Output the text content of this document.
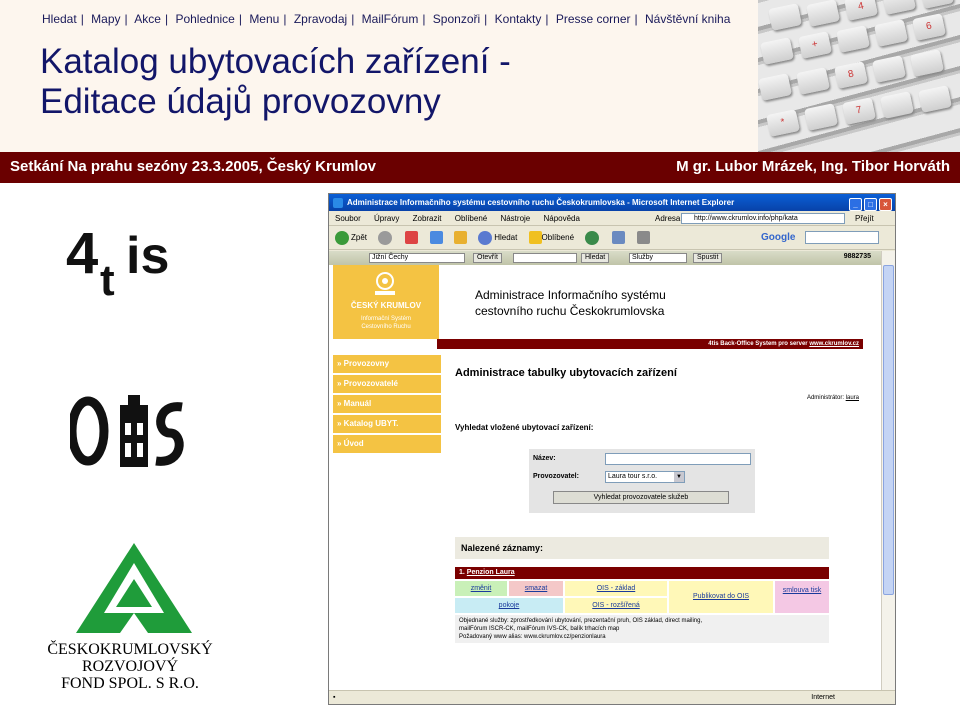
Hledat | Mapy | Akce | Pohlednice | Menu | Zpravodaj | MailFórum | Sponzoři | Kontakty | Presse corner | Návštěvní kniha
Katalog ubytovacích zařízení -
Editace údajů provozovny
4
+
6
8
*
7
Setkání Na prahu sezóny 23.3.2005, Český Krumlov	M gr. Lubor Mrázek, Ing. Tibor Horváth
4 t is
ČESKOKRUMLOVSKÝ
ROZVOJOVÝ
FOND SPOL. S R.O.
Administrace Informačního systému cestovního ruchu Českokrumlovska - Microsoft Internet Explorer	_ □ ×
Soubor Úpravy Zobrazit Oblíbené Nástroje Nápověda	Adresa	http://www.ckrumlov.info/php/kata	Přejít
Zpět	Hledat	Oblíbené	Google
Jižní Čechy	Otevřít	Hledat	Služby	Spustit	9882735
ČESKÝ KRUMLOV
Informační Systém
Cestovního Ruchu
Administrace Informačního systému
cestovního ruchu Českokrumlovska
4tis Back-Office System pro server www.ckrumlov.cz
» Provozovny
» Provozovatelé
» Manuál
» Katalog UBYT.
» Úvod
Administrace tabulky ubytovacích zařízení
Administrátor: laura
Vyhledat vložené ubytovací zařízení:
Název:
Provozovatel:	Laura tour s.r.o.	▼
Vyhledat provozovatele služeb
Nalezené záznamy:
1. Penzion Laura
změnit	smazat	OIS - základ
Publikovat do OIS
smlouva tisk
pokoje	OIS - rozšířená
Objednané služby: zprostředkování ubytování, prezentační pruh, OIS základ, direct mailing,
mailFórum ISCR-CK, mailFórum IVS-CK, balík trhacích map
Požadovaný www alias: www.ckrumlov.cz/penzionlaura
▪	Internet
